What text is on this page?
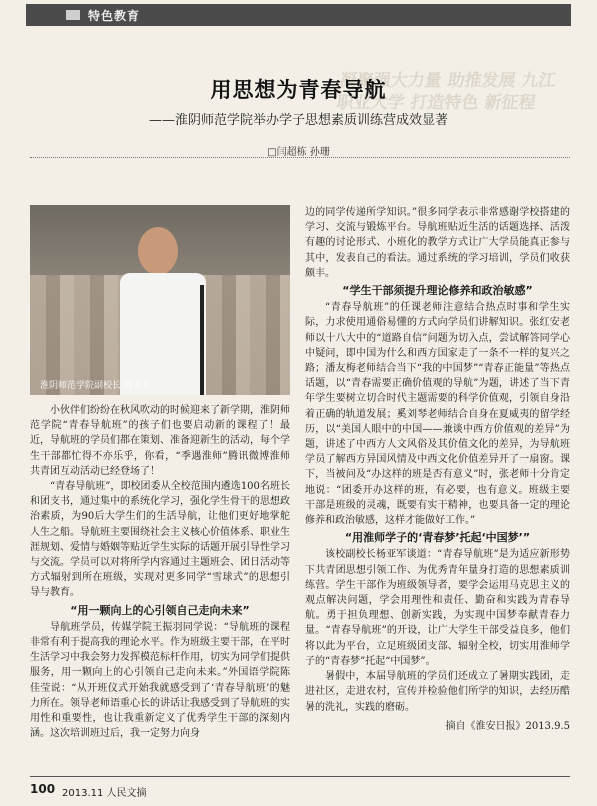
特色教育
凝聚强大力量 助推发展 九江职业大学 打造特色 新征程
用思想为青春导航
——淮阴师范学院举办学子思想素质训练营成效显著
□闫超栋 孙珊
淮阴师范学院副校长 杨亚军

小伙伴们纷纷在秋风吹动的时候迎来了新学期，淮阴师范学院“青春导航班”的孩子们也要启动新的课程了！最近，导航班的学员们都在策划、准备迎新生的活动，每个学生干部都忙得不亦乐乎，你看，“季遇淮师”腾讯微博淮师共青团互动活动已经登场了！

“青春导航班”，即校团委从全校范围内遴选100名班长和团支书，通过集中的系统化学习，强化学生骨干的思想政治素质，为90后大学生们的生活导航，让他们更好地掌舵人生之船。导航班主要围绕社会主义核心价值体系、职业生涯规划、爱情与婚姻等贴近学生实际的话题开展引导性学习与交流。学员可以对将所学内容通过主题班会、团日活动等方式辐射到所在班级，实现对更多同学“雪球式”的思想引导与教育。

“用一颗向上的心引领自己走向未来”

导航班学员，传媒学院王振羽同学说：“导航班的课程非常有利于提高我的理论水平。作为班级主要干部，在平时生活学习中我会努力发挥模范标杆作用，切实为同学们提供服务，用一颗向上的心引领自己走向未来。”外国语学院陈佳莹说：“从开班仪式开始我就感受到了‘青春导航班’的魅力所在。领导老师语重心长的讲话让我感受到了导航班的实用性和重要性，也让我重新定义了优秀学生干部的深刻内涵。这次培训班过后，我一定努力向身

边的同学传递所学知识。”很多同学表示非常感谢学校搭建的学习、交流与锻炼平台。导航班贴近生活的话题选择、活泼有趣的讨论形式、小班化的教学方式让广大学员能真正参与其中，发表自己的看法。通过系统的学习培训，学员们收获颇丰。

“学生干部须提升理论修养和政治敏感”

“青春导航班”的任课老师注意结合热点时事和学生实际，力求使用通俗易懂的方式向学员们讲解知识。张红安老师以十八大中的“道路自信”问题为切入点，尝试解答同学心中疑问，即中国为什么和西方国家走了一条不一样的复兴之路；潘友梅老师结合当下“我的中国梦”“青春正能量”等热点话题，以“青春需要正确价值观的导航”为题，讲述了当下青年学生要树立切合时代主题需要的科学价值观，引领自身沿着正确的轨道发展；奚刘琴老师结合自身在夏威夷的留学经历，以“美国人眼中的中国——兼谈中西方价值观的差异”为题，讲述了中西方人文风俗及其价值文化的差异，为导航班学员了解西方异国风情及中西文化价值差异开了一扇窗。课下，当被问及“办这样的班是否有意义”时，张老师十分肯定地说：“团委开办这样的班，有必要，也有意义。班级主要干部是班级的灵魂，既要有实干精神，也要具备一定的理论修养和政治敏感，这样才能做好工作。”

“用淮师学子的‘青春梦’托起‘中国梦’”

该校副校长杨亚军谈道：“青春导航班”是为适应新形势下共青团思想引领工作、为优秀青年量身打造的思想素质训练营。学生干部作为班级领导者，要学会运用马克思主义的观点解决问题，学会用理性和责任、勤奋和实践为青春导航。勇于担负理想、创新实践，为实现中国梦奉献青春力量。“青春导航班”的开设，让广大学生干部受益良多，他们将以此为平台，立足班级团支部、辐射全校，切实用淮师学子的“青春梦”托起“中国梦”。

暑假中，本届导航班的学员们还成立了暑期实践团，走进社区，走进农村，宣传并检验他们所学的知识，去经历酷暑的洗礼，实践的磨砺。

摘自《淮安日报》2013.9.5

100 2013.11 人民文摘
